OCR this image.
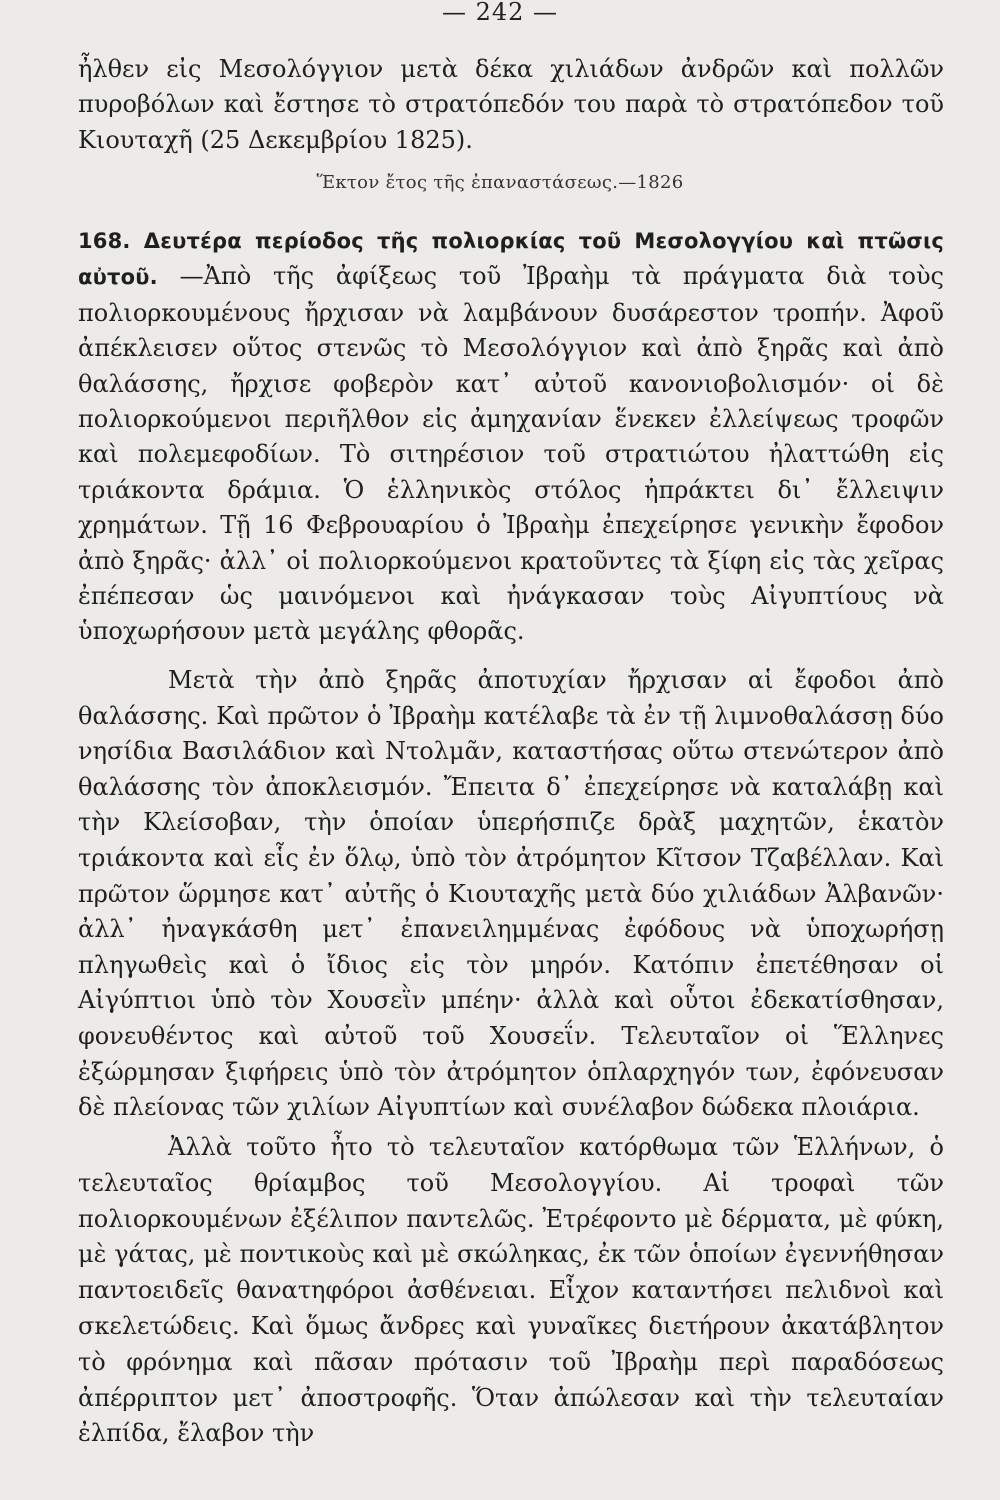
— 242 —
ἦλθεν εἰς Μεσολόγγιον μετὰ δέκα χιλιάδων ἀνδρῶν καὶ πολλῶν πυροβόλων καὶ ἔστησε τὸ στρατόπεδόν του παρὰ τὸ στρατόπεδον τοῦ Κιουταχῆ (25 Δεκεμβρίου 1825).
Ἕκτον ἔτος τῆς ἐπαναστάσεως.—1826
168. Δευτέρα περίοδος τῆς πολιορκίας τοῦ Μεσολογγίου καὶ πτῶσις αὐτοῦ. —Ἀπὸ τῆς ἀφίξεως τοῦ Ἰβραὴμ τὰ πράγματα διὰ τοὺς πολιορκουμένους ἤρχισαν νὰ λαμβάνουν δυσάρεστον τροπήν. Ἀφοῦ ἀπέκλεισεν οὕτος στενῶς τὸ Μεσολόγγιον καὶ ἀπὸ ξηρᾶς καὶ ἀπὸ θαλάσσης, ἤρχισε φοβερὸν κατ᾽ αὐτοῦ κανονιοβολισμόν· οἱ δὲ πολιορκούμενοι περιῆλθον εἰς ἀμηχανίαν ἕνεκεν ἐλλείψεως τροφῶν καὶ πολεμεφοδίων. Τὸ σιτηρέσιον τοῦ στρατιώτου ἠλαττώθη εἰς τριάκοντα δράμια. Ὁ ἑλληνικὸς στόλος ἠπράκτει δι᾽ ἔλλειψιν χρημάτων. Τῇ 16 Φεβρουαρίου ὁ Ἰβραὴμ ἐπεχείρησε γενικὴν ἔφοδον ἀπὸ ξηρᾶς· ἀλλ᾽ οἱ πολιορκούμενοι κρατοῦντες τὰ ξίφη εἰς τὰς χεῖρας ἐπέπεσαν ὡς μαινόμενοι καὶ ἠνάγκασαν τοὺς Αἰγυπτίους νὰ ὑποχωρήσουν μετὰ μεγάλης φθορᾶς.
Μετὰ τὴν ἀπὸ ξηρᾶς ἀποτυχίαν ἤρχισαν αἱ ἔφοδοι ἀπὸ θαλάσσης. Καὶ πρῶτον ὁ Ἰβραὴμ κατέλαβε τὰ ἐν τῇ λιμνοθαλάσσῃ δύο νησίδια Βασιλάδιον καὶ Ντολμᾶν, καταστήσας οὕτω στενώτερον ἀπὸ θαλάσσης τὸν ἀποκλεισμόν. Ἔπειτα δ᾽ ἐπεχείρησε νὰ καταλάβῃ καὶ τὴν Κλείσοβαν, τὴν ὁποίαν ὑπερήσπιζε δρὰξ μαχητῶν, ἑκατὸν τριάκοντα καὶ εἷς ἐν ὅλῳ, ὑπὸ τὸν ἀτρόμητον Κῖτσον Τζαβέλλαν. Καὶ πρῶτον ὥρμησε κατ᾽ αὐτῆς ὁ Κιουταχῆς μετὰ δύο χιλιάδων Ἀλβανῶν· ἀλλ᾽ ἠναγκάσθη μετ᾽ ἐπανειλημμένας ἐφόδους νὰ ὑποχωρήσῃ πληγωθεὶς καὶ ὁ ἴδιος εἰς τὸν μηρόν. Κατόπιν ἐπετέθησαν οἱ Αἰγύπτιοι ὑπὸ τὸν Χουσεῒν μπέην· ἀλλὰ καὶ οὗτοι ἐδεκατίσθησαν, φονευθέντος καὶ αὐτοῦ τοῦ Χουσεΐν. Τελευταῖον οἱ Ἕλληνες ἐξώρμησαν ξιφήρεις ὑπὸ τὸν ἀτρόμητον ὁπλαρχηγόν των, ἐφόνευσαν δὲ πλείονας τῶν χιλίων Αἰγυπτίων καὶ συνέλαβον δώδεκα πλοιάρια.
Ἀλλὰ τοῦτο ἦτο τὸ τελευταῖον κατόρθωμα τῶν Ἑλλήνων, ὁ τελευταῖος θρίαμβος τοῦ Μεσολογγίου. Αἱ τροφαὶ τῶν πολιορκουμένων ἐξέλιπον παντελῶς. Ἐτρέφοντο μὲ δέρματα, μὲ φύκη, μὲ γάτας, μὲ ποντικοὺς καὶ μὲ σκώληκας, ἐκ τῶν ὁποίων ἐγεννήθησαν παντοειδεῖς θανατηφόροι ἀσθένειαι. Εἶχον καταντήσει πελιδνοὶ καὶ σκελετώδεις. Καὶ ὅμως ἄνδρες καὶ γυναῖκες διετήρουν ἀκατάβλητον τὸ φρόνημα καὶ πᾶσαν πρότασιν τοῦ Ἰβραὴμ περὶ παραδόσεως ἀπέρριπτον μετ᾽ ἀποστροφῆς. Ὅταν ἀπώλεσαν καὶ τὴν τελευταίαν ἐλπίδα, ἔλαβον τὴν
